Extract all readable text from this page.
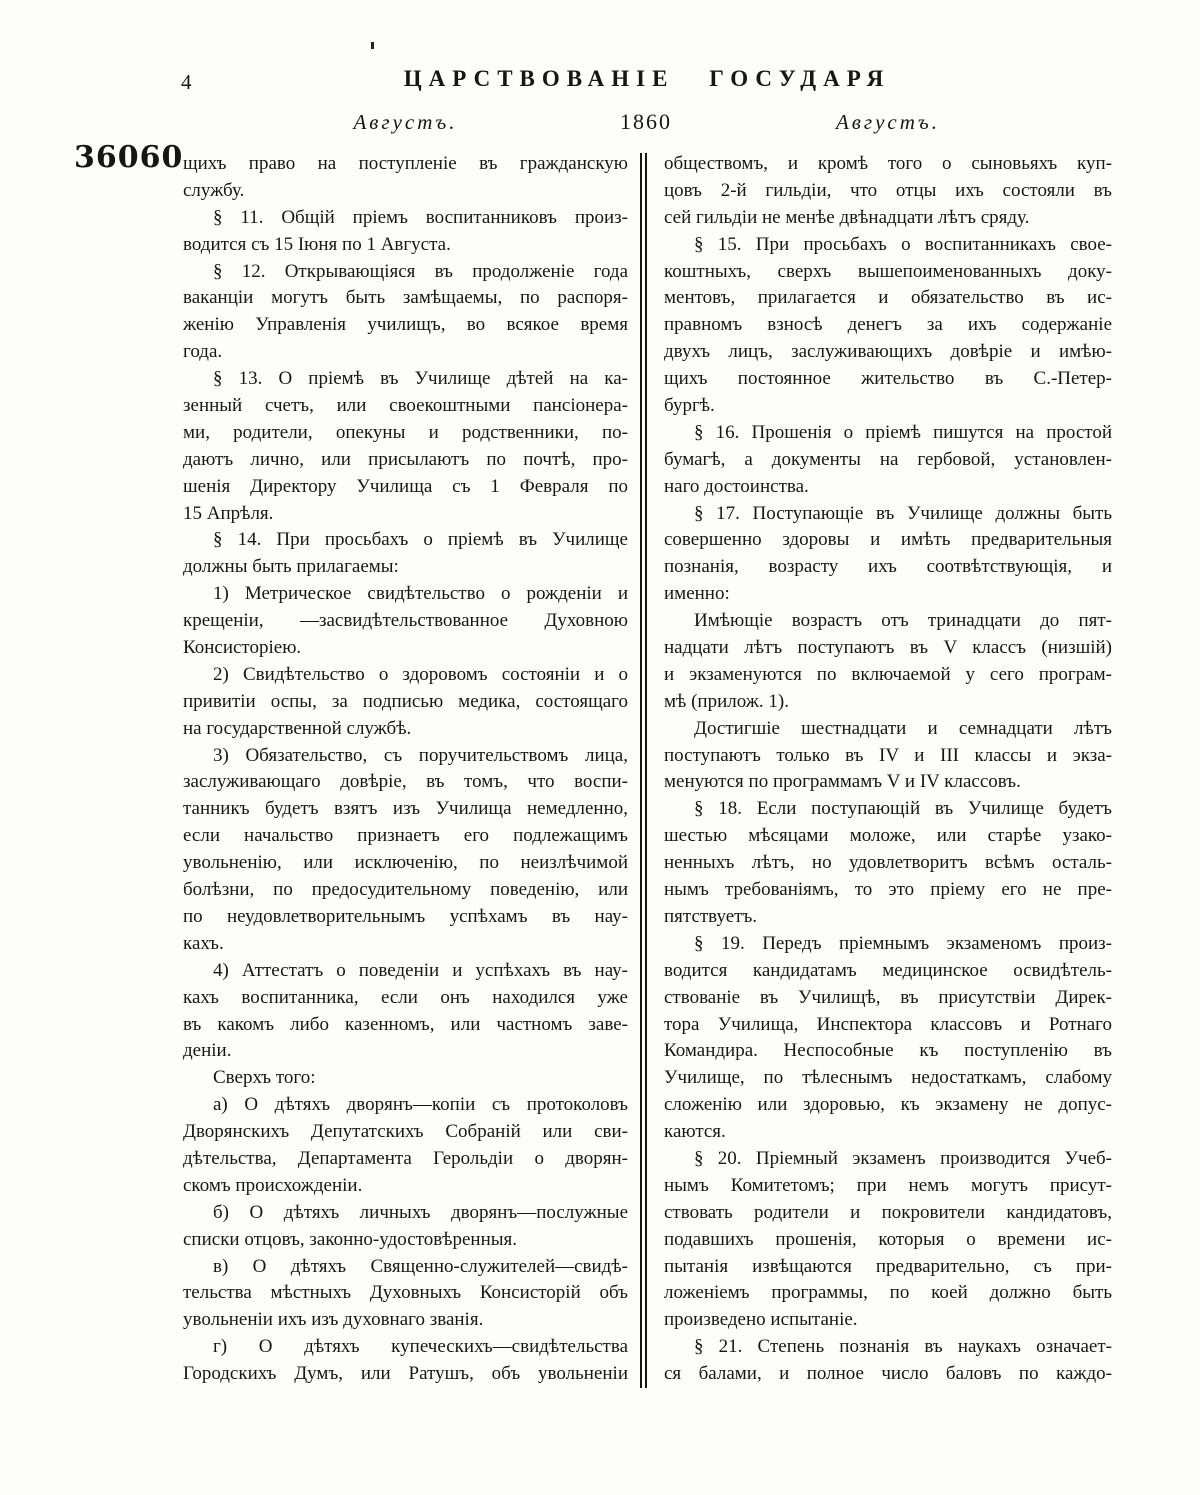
4	ЦАРСТВОВАНІЕ ГОСУДАРЯ
Августъ.	1860	Августъ.
36060 щихъ право на поступленіе въ гражданскую
службу.
§ 11. Общій пріемъ воспитанниковъ произ-
водится съ 15 Іюня по 1 Августа.
§ 12. Открывающіяся въ продолженіе года
ваканціи могутъ быть замѣщаемы, по распоря-
женію Управленія училищъ, во всякое время
года.
§ 13. О пріемѣ въ Училище дѣтей на ка-
зенный счетъ, или своекоштными пансіонера-
ми, родители, опекуны и родственники, по-
даютъ лично, или присылаютъ по почтѣ, про-
шенія Директору Училища съ 1 Февраля по
15 Апрѣля.
§ 14. При просьбахъ о пріемѣ въ Училище
должны быть прилагаемы:
1) Метрическое свидѣтельство о рожденіи и
крещеніи, —засвидѣтельствованное Духовною
Консисторіею.
2) Свидѣтельство о здоровомъ состояніи и о
привитіи оспы, за подписью медика, состоящаго
на государственной службѣ.
3) Обязательство, съ поручительствомъ лица,
заслуживающаго довѣріе, въ томъ, что воспи-
танникъ будетъ взятъ изъ Училища немедленно,
если начальство признаетъ его подлежащимъ
увольненію, или исключенію, по неизлѣчимой
болѣзни, по предосудительному поведенію, или
по неудовлетворительнымъ успѣхамъ въ нау-
кахъ.
4) Аттестатъ о поведеніи и успѣхахъ въ нау-
кахъ воспитанника, если онъ находился уже
въ какомъ либо казенномъ, или частномъ заве-
деніи.
Сверхъ того:
а) О дѣтяхъ дворянъ—копіи съ протоколовъ
Дворянскихъ Депутатскихъ Собраній или сви-
дѣтельства, Департамента Герольдіи о дворян-
скомъ происхожденіи.
б) О дѣтяхъ личныхъ дворянъ—послужные
списки отцовъ, законно-удостовѣренныя.
в) О дѣтяхъ Священно-служителей—свидѣ-
тельства мѣстныхъ Духовныхъ Консисторій объ
увольненіи ихъ изъ духовнаго званія.
г) О дѣтяхъ купеческихъ—свидѣтельства
Городскихъ Думъ, или Ратушъ, объ увольненіи
обществомъ, и кромѣ того о сыновьяхъ куп-
цовъ 2-й гильдіи, что отцы ихъ состояли въ
сей гильдіи не менѣе двѣнадцати лѣтъ сряду.
§ 15. При просьбахъ о воспитанникахъ свое-
коштныхъ, сверхъ вышепоименованныхъ доку-
ментовъ, прилагается и обязательство въ ис-
правномъ взносѣ денегъ за ихъ содержаніе
двухъ лицъ, заслуживающихъ довѣріе и имѣю-
щихъ постоянное жительство въ С.-Петер-
бургѣ.
§ 16. Прошенія о пріемѣ пишутся на простой
бумагѣ, а документы на гербовой, установлен-
наго достоинства.
§ 17. Поступающіе въ Училище должны быть
совершенно здоровы и имѣть предварительныя
познанія, возрасту ихъ соотвѣтствующія, и
именно:
Имѣющіе возрастъ отъ тринадцати до пят-
надцати лѣтъ поступаютъ въ V классъ (низшій)
и экзаменуются по включаемой у сего програм-
мѣ (прилож. 1).
Достигшіе шестнадцати и семнадцати лѣтъ
поступаютъ только въ IV и III классы и экза-
менуются по программамъ V и IV классовъ.
§ 18. Если поступающій въ Училище будетъ
шестью мѣсяцами моложе, или старѣе узако-
ненныхъ лѣтъ, но удовлетворитъ всѣмъ осталь-
нымъ требованіямъ, то это пріему его не пре-
пятствуетъ.
§ 19. Передъ пріемнымъ экзаменомъ произ-
водится кандидатамъ медицинское освидѣтель-
ствованіе въ Училищѣ, въ присутствіи Дирек-
тора Училища, Инспектора классовъ и Ротнаго
Командира. Неспособные къ поступленію въ
Училище, по тѣлеснымъ недостаткамъ, слабому
сложенію или здоровью, къ экзамену не допус-
каются.
§ 20. Пріемный экзаменъ производится Учеб-
нымъ Комитетомъ; при немъ могутъ присут-
ствовать родители и покровители кандидатовъ,
подавшихъ прошенія, которыя о времени ис-
пытанія извѣщаются предварительно, съ при-
ложеніемъ программы, по коей должно быть
произведено испытаніе.
§ 21. Степень познанія въ наукахъ означает-
ся балами, и полное число баловъ по каждо-
